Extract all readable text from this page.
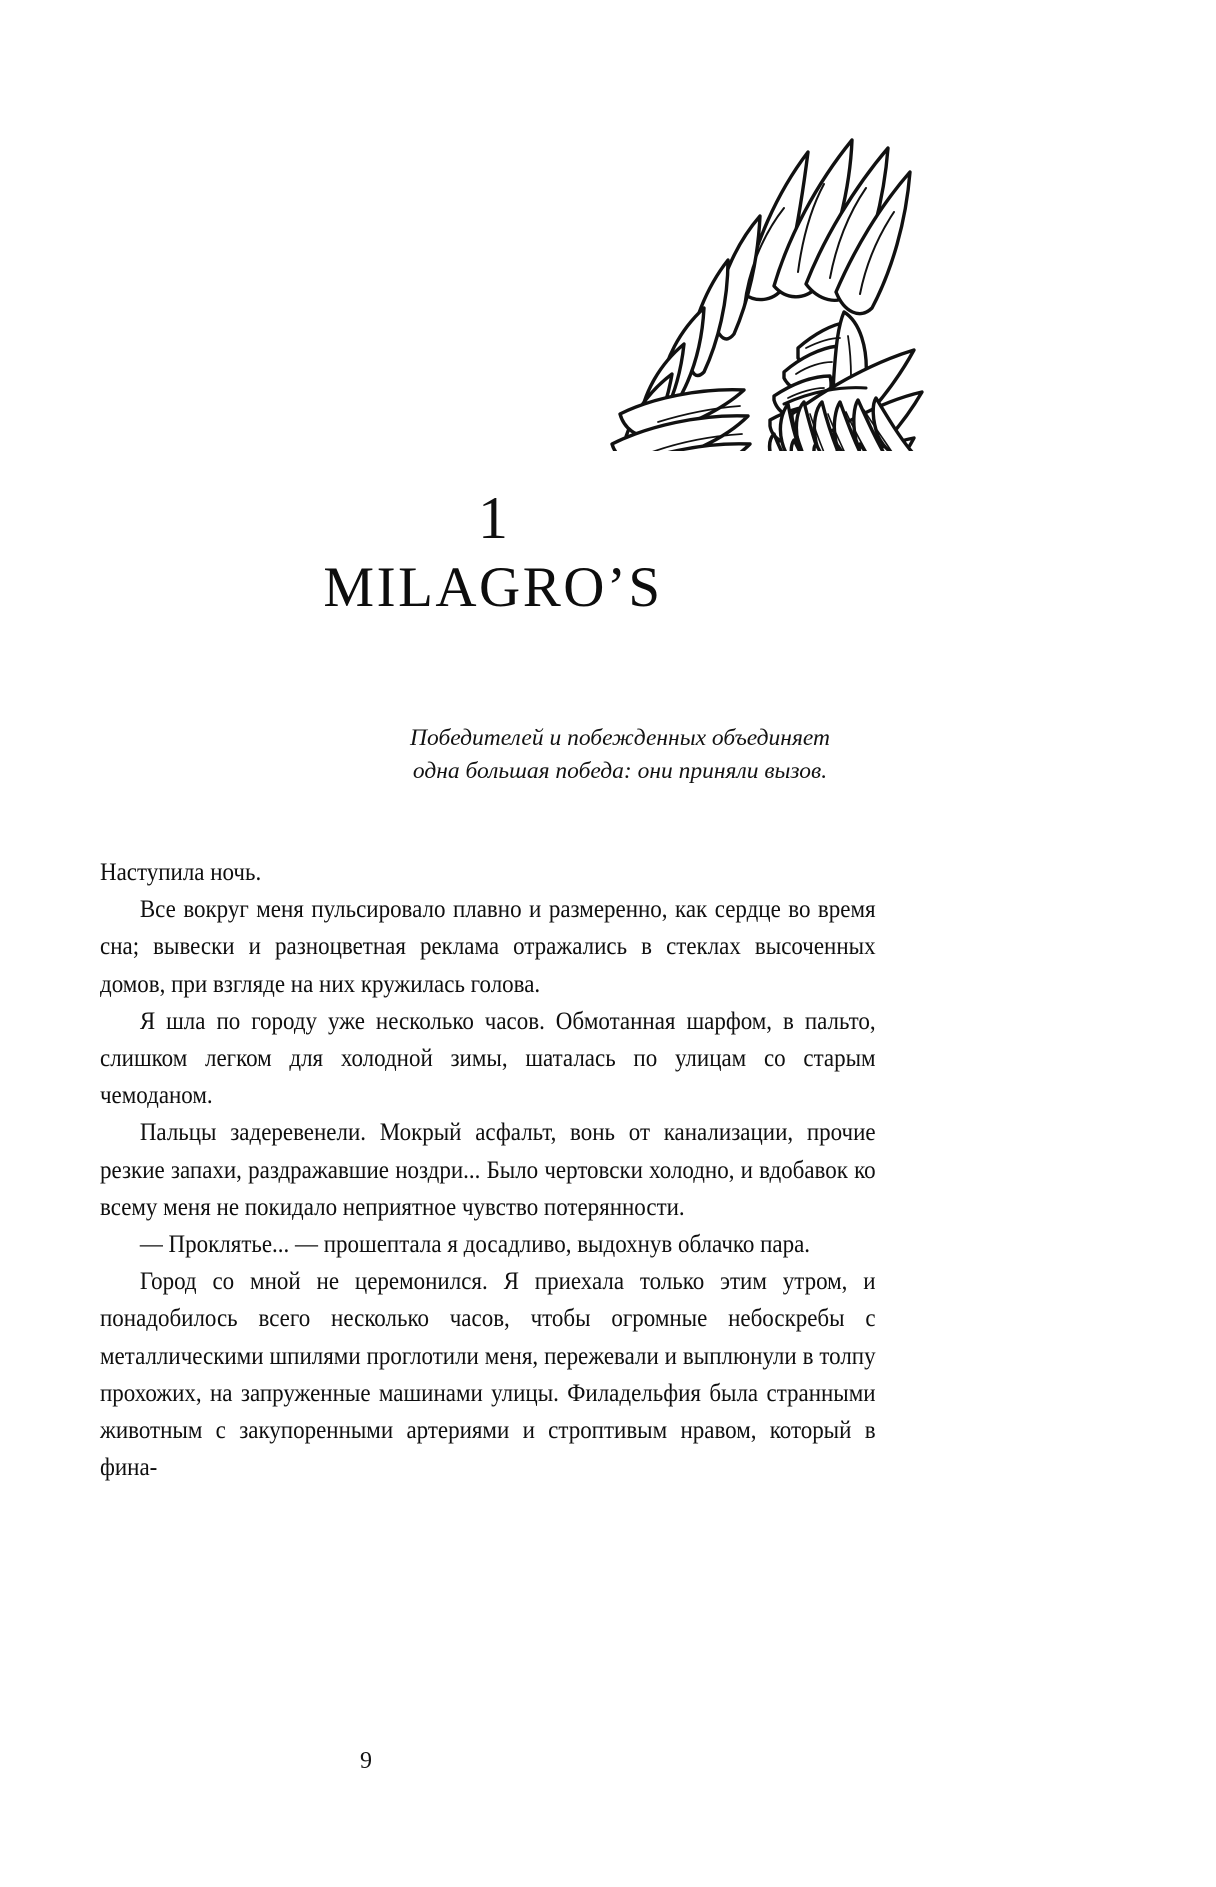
1
MILAGRO’S
Победителей и побежденных объединяет
одна большая победа: они приняли вызов.

Наступила ночь.

Все вокруг меня пульсировало плавно и размеренно, как сердце во время сна; вывески и разноцветная реклама отражались в стеклах высоченных домов, при взгляде на них кружилась голова.

Я шла по городу уже несколько часов. Обмотанная шарфом, в пальто, слишком легком для холодной зимы, шаталась по улицам со старым чемоданом.

Пальцы задеревенели. Мокрый асфальт, вонь от канализации, прочие резкие запахи, раздражавшие ноздри... Было чертовски холодно, и вдобавок ко всему меня не покидало неприятное чувство потерянности.

— Проклятье... — прошептала я досадливо, выдохнув облачко пара.

Город со мной не церемонился. Я приехала только этим утром, и понадобилось всего несколько часов, чтобы огромные небоскребы с металлическими шпилями проглотили меня, пережевали и выплюнули в толпу прохожих, на запруженные машинами улицы. Филадельфия была странными животным с закупоренными артериями и строптивым нравом, который в фина-

9
